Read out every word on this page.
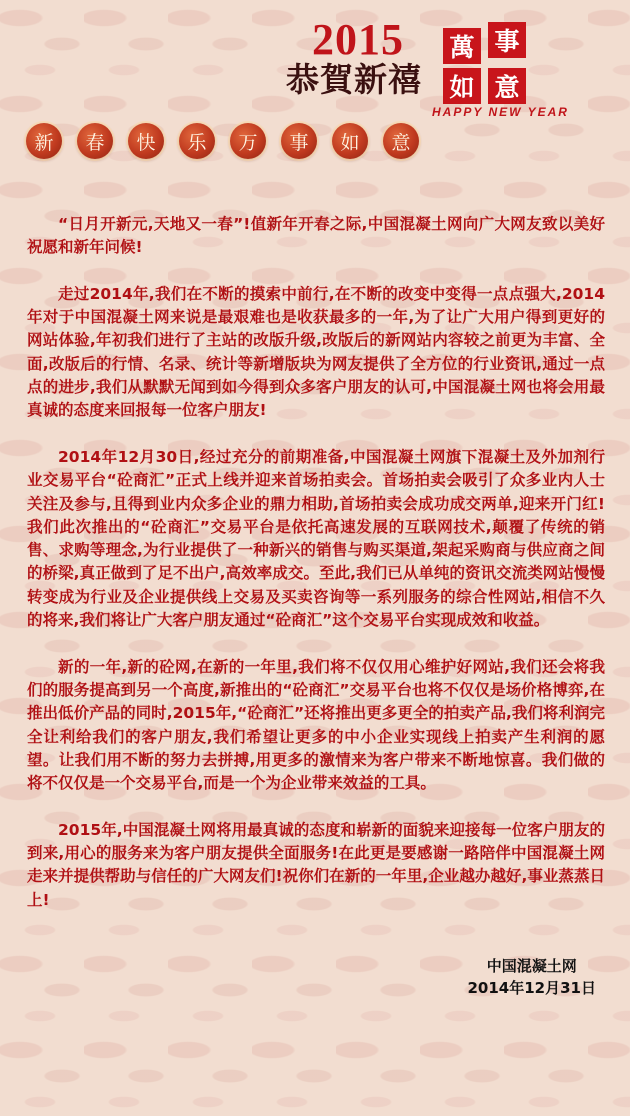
2015
恭賀新禧
萬 事
如 意
HAPPY NEW YEAR
新	春	快	乐	万	事	如	意

“日月开新元,天地又一春”!值新年开春之际,中国混凝土网向广大网友致以美好祝愿和新年问候!

走过2014年,我们在不断的摸索中前行,在不断的改变中变得一点点强大,2014年对于中国混凝土网来说是最艰难也是收获最多的一年,为了让广大用户得到更好的网站体验,年初我们进行了主站的改版升级,改版后的新网站内容较之前更为丰富、全面,改版后的行情、名录、统计等新增版块为网友提供了全方位的行业资讯,通过一点点的进步,我们从默默无闻到如今得到众多客户朋友的认可,中国混凝土网也将会用最真诚的态度来回报每一位客户朋友!

2014年12月30日,经过充分的前期准备,中国混凝土网旗下混凝土及外加剂行业交易平台“砼商汇”正式上线并迎来首场拍卖会。首场拍卖会吸引了众多业内人士关注及参与,且得到业内众多企业的鼎力相助,首场拍卖会成功成交两单,迎来开门红!我们此次推出的“砼商汇”交易平台是依托高速发展的互联网技术,颠覆了传统的销售、求购等理念,为行业提供了一种新兴的销售与购买渠道,架起采购商与供应商之间的桥梁,真正做到了足不出户,高效率成交。至此,我们已从单纯的资讯交流类网站慢慢转变成为行业及企业提供线上交易及买卖咨询等一系列服务的综合性网站,相信不久的将来,我们将让广大客户朋友通过“砼商汇”这个交易平台实现成效和收益。

新的一年,新的砼网,在新的一年里,我们将不仅仅用心维护好网站,我们还会将我们的服务提高到另一个高度,新推出的“砼商汇”交易平台也将不仅仅是场价格博弈,在推出低价产品的同时,2015年,“砼商汇”还将推出更多更全的拍卖产品,我们将利润完全让利给我们的客户朋友,我们希望让更多的中小企业实现线上拍卖产生利润的愿望。让我们用不断的努力去拼搏,用更多的激情来为客户带来不断地惊喜。我们做的将不仅仅是一个交易平台,而是一个为企业带来效益的工具。

2015年,中国混凝土网将用最真诚的态度和崭新的面貌来迎接每一位客户朋友的到来,用心的服务来为客户朋友提供全面服务!在此更是要感谢一路陪伴中国混凝土网走来并提供帮助与信任的广大网友们!祝你们在新的一年里,企业越办越好,事业蒸蒸日上!

中国混凝土网
2014年12月31日
